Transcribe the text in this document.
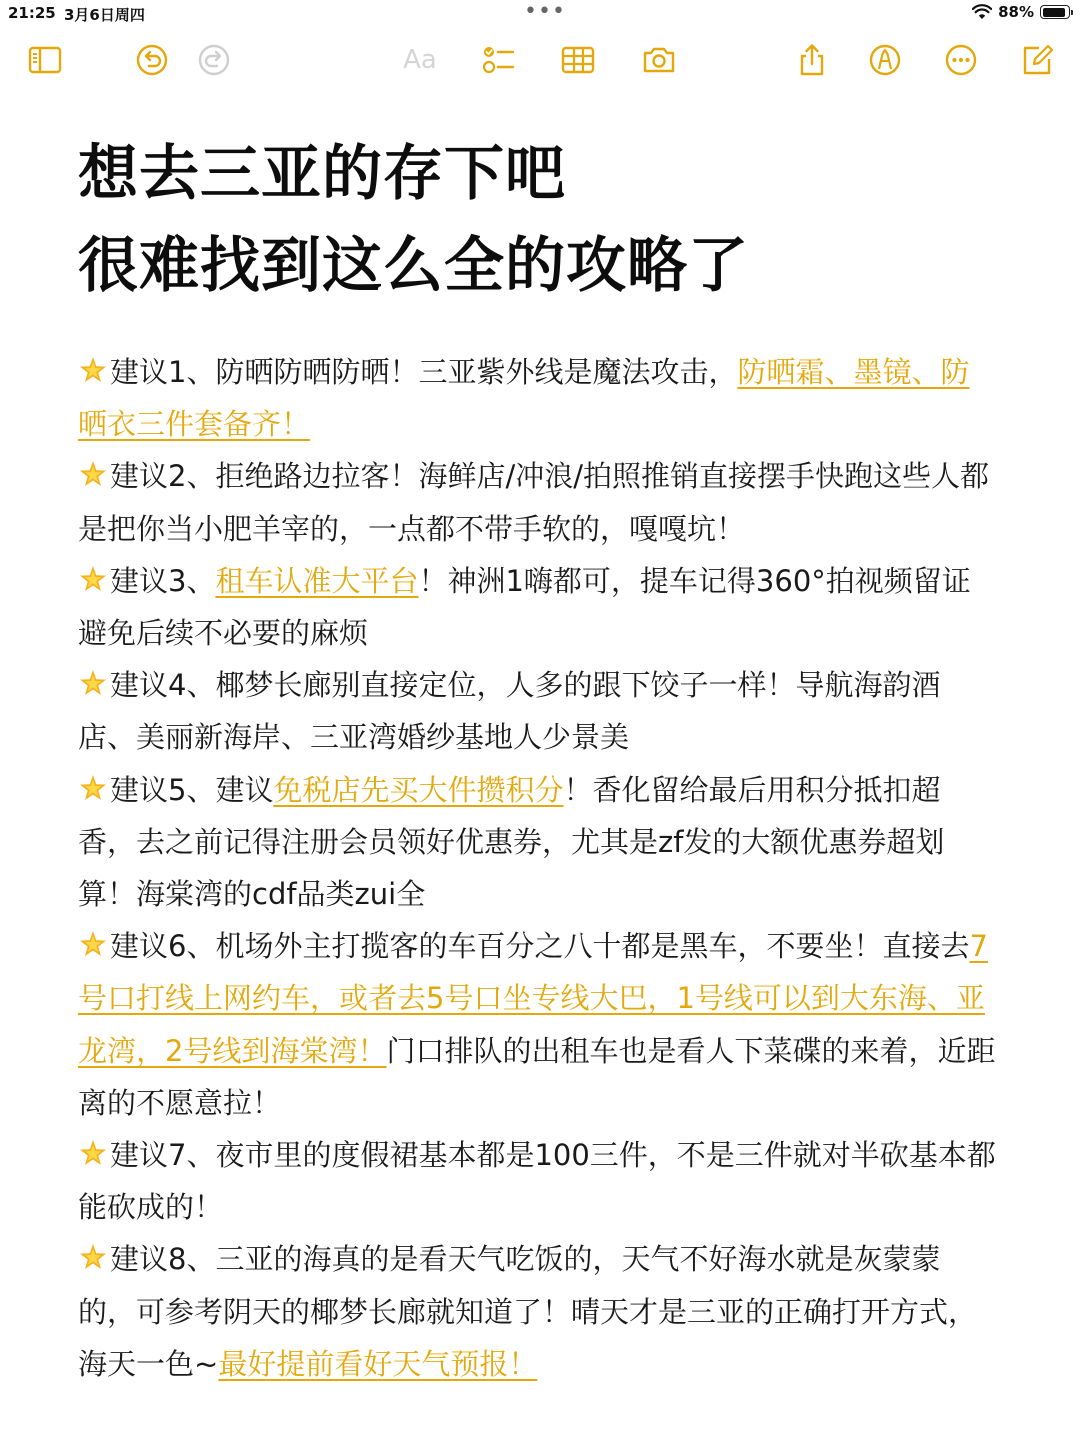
21:25 3月6日周四	•••	88%
Aa
想去三亚的存下吧
很难找到这么全的攻略了

建议1、防晒防晒防晒！三亚紫外线是魔法攻击，防晒霜、墨镜、防晒衣三件套备齐！

建议2、拒绝路边拉客！海鲜店/冲浪/拍照推销直接摆手快跑这些人都是把你当小肥羊宰的，一点都不带手软的，嘎嘎坑！

建议3、租车认准大平台！神洲1嗨都可，提车记得360°拍视频留证避免后续不必要的麻烦

建议4、椰梦长廊别直接定位，人多的跟下饺子一样！导航海韵酒店、美丽新海岸、三亚湾婚纱基地人少景美

建议5、建议免税店先买大件攒积分！香化留给最后用积分抵扣超香，去之前记得注册会员领好优惠券，尤其是zf发的大额优惠券超划算！海棠湾的cdf品类zui全

建议6、机场外主打揽客的车百分之八十都是黑车，不要坐！直接去7号口打线上网约车，或者去5号口坐专线大巴，1号线可以到大东海、亚龙湾，2号线到海棠湾！门口排队的出租车也是看人下菜碟的来着，近距离的不愿意拉！

建议7、夜市里的度假裙基本都是100三件，不是三件就对半砍基本都能砍成的！

建议8、三亚的海真的是看天气吃饭的，天气不好海水就是灰蒙蒙的，可参考阴天的椰梦长廊就知道了！晴天才是三亚的正确打开方式，海天一色~最好提前看好天气预报！
